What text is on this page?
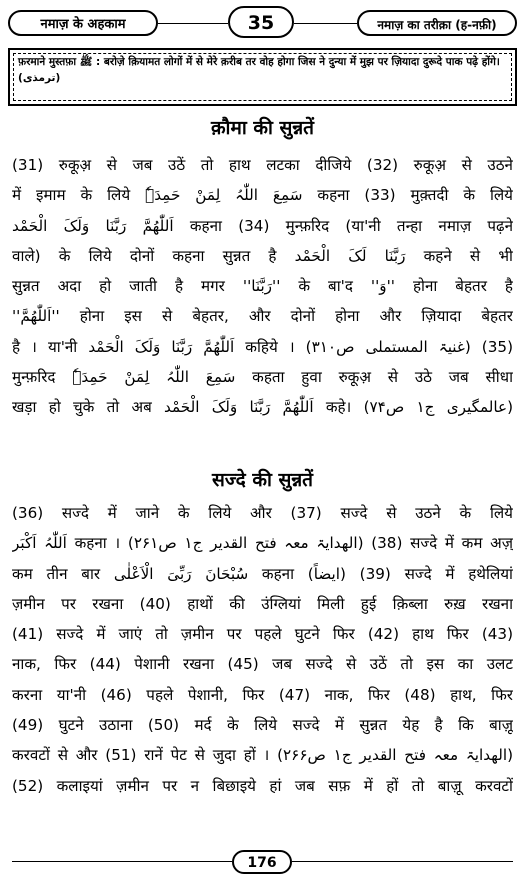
नमाज़ के अहकाम	35	नमाज़ का तरीक़ा (ह-नफ़ी)
फ़रमाने मुस्तफ़ा ﷺ : बरोज़े क़ियामत लोगों में से मेरे क़रीब तर वोह होगा जिस ने दुन्या में मुझ पर ज़ियादा दुरूदे पाक पढ़े होंगे। (ترمذی)
क़ौमा की सुन्नतें
(31) रुकूअ़ से जब उठें तो हाथ लटका दीजिये (32) रुकूअ़ से उठने
में इमाम के लिये سَمِعَ اللّٰہُ لِمَنْ حَمِدَہٗ कहना (33) मुक़्तदी के लिये
اَللّٰھُمَّ رَبَّنَا وَلَکَ الْحَمْد कहना (34) मुन्फ़रिद (या'नी तन्हा नमाज़ पढ़ने
वाले) के लिये दोनों कहना सुन्नत है رَبَّنَا لَکَ الْحَمْد कहने से भी
सुन्नत अदा हो जाती है मगर ''رَبَّنَا'' के बा'द ''وَ'' होना बेहतर है
''اَللّٰھُمَّ'' होना इस से बेहतर, और दोनों होना और ज़ियादा बेहतर
है । या'नी اَللّٰھُمَّ رَبَّنَا وَلَکَ الْحَمْد कहिये । (غنیۃ المستملی ص۳۱۰) (35)
मुन्फ़रिद سَمِعَ اللّٰہُ لِمَنْ حَمِدَہٗ कहता हुवा रुकूअ़ से उठे जब सीधा
खड़ा हो चुके तो अब اَللّٰھُمَّ رَبَّنَا وَلَکَ الْحَمْد कहे। (عالمگیری ج۱ ص۷۴)
सज्दे की सुन्नतें
(36) सज्दे में जाने के लिये और (37) सज्दे से उठने के लिये
اَللّٰہُ اَکْبَر कहना । (الھدایۃ معہ فتح القدیر ج۱ ص۲۶۱) (38) सज्दे में कम अज़्
कम तीन बार سُبْحَانَ رَبِّیَ الْاَعْلٰی कहना (ایضاً) (39) सज्दे में हथेलियां
ज़मीन पर रखना (40) हाथों की उंग्लियां मिली हुई क़िब्ला रुख़ रखना
(41) सज्दे में जाएं तो ज़मीन पर पहले घुटने फिर (42) हाथ फिर (43)
नाक, फिर (44) पेशानी रखना (45) जब सज्दे से उठें तो इस का उलट
करना या'नी (46) पहले पेशानी, फिर (47) नाक, फिर (48) हाथ, फिर
(49) घुटने उठाना (50) मर्द के लिये सज्दे में सुन्नत येह है कि बाज़ू
करवटों से और (51) रानें पेट से जुदा हों । (الھدایۃ معہ فتح القدیر ج۱ ص۲۶۶)
(52) कलाइयां ज़मीन पर न बिछाइये हां जब सफ़ में हों तो बाज़ू करवटों
176
